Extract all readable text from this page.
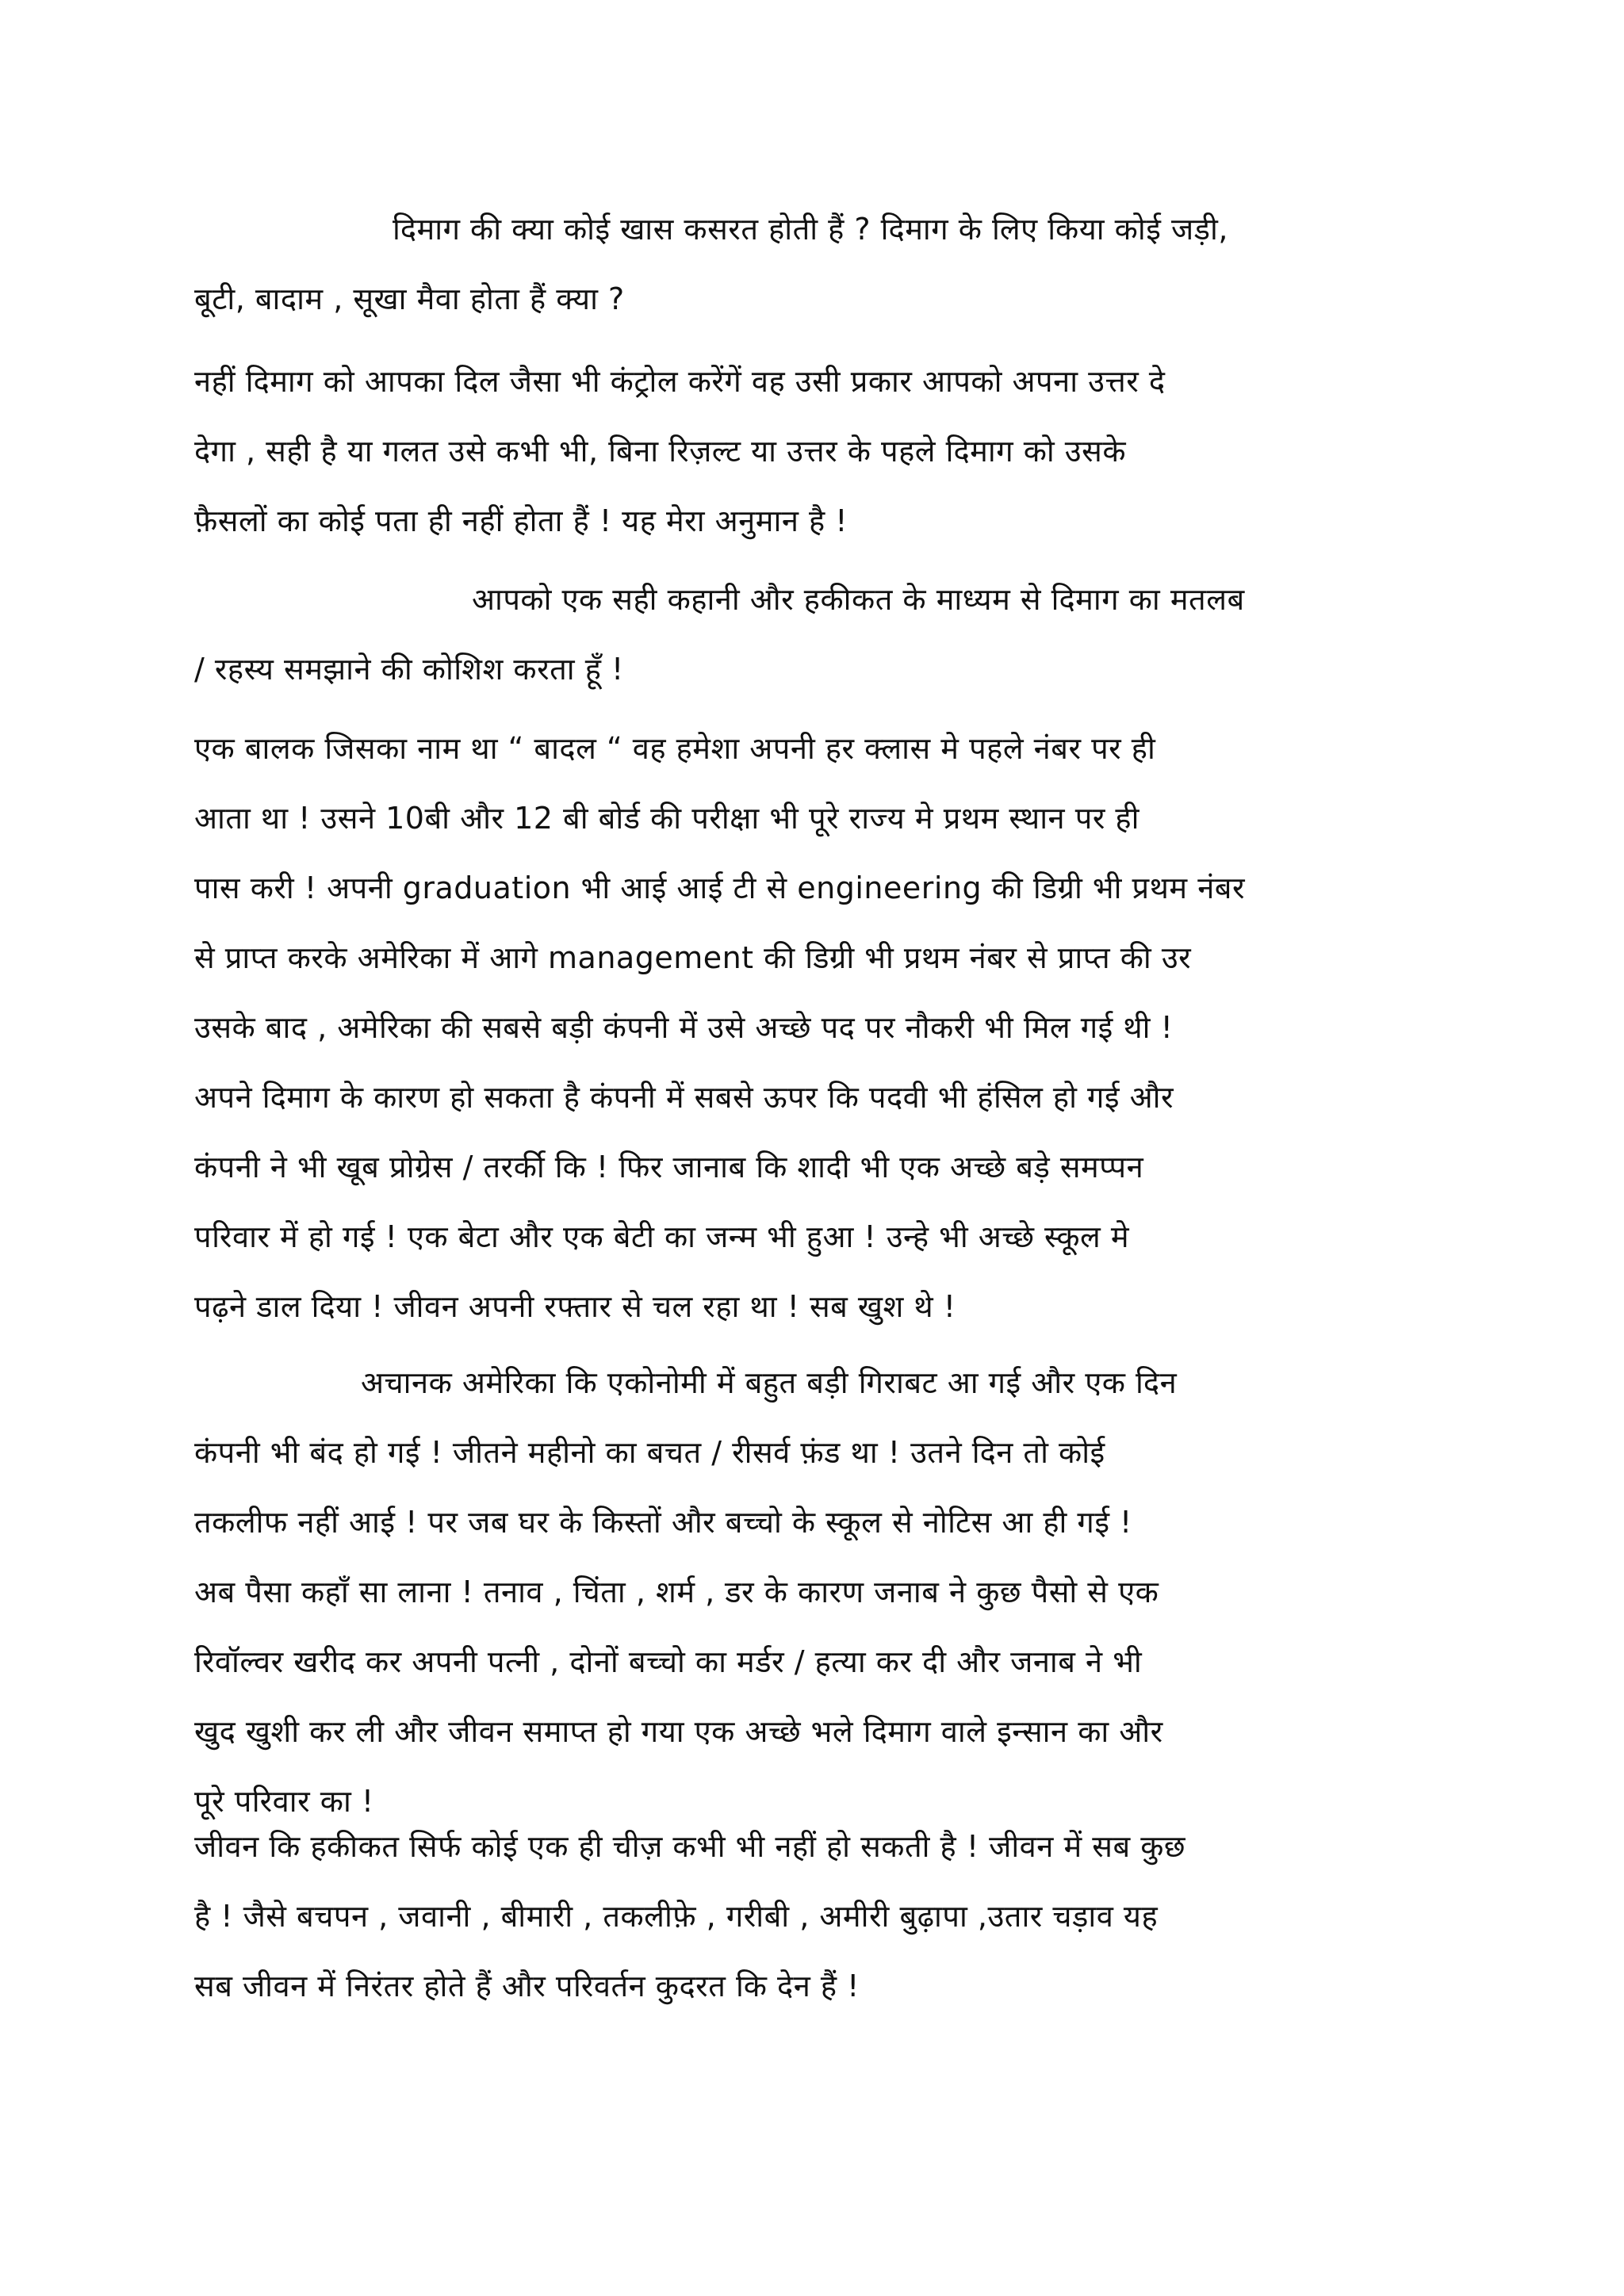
दिमाग की क्या कोई खास कसरत होती हैं ? दिमाग के लिए किया कोई जड़ी,
बूटी, बादाम , सूखा मैवा होता हैं क्या ?
नहीं दिमाग को आपका दिल जैसा भी कंट्रोल करेंगें वह उसी प्रकार आपको अपना उत्तर दे
देगा , सही है या गलत उसे कभी भी, बिना रिज़ल्ट या उत्तर के पहले दिमाग को उसके
फ़ैसलों का कोई पता ही नहीं होता हैं ! यह मेरा अनुमान है !
आपको एक सही कहानी और हकीकत के माध्यम से दिमाग का मतलब
/ रहस्य समझाने की कोशिश करता हूँ !
एक बालक जिसका नाम था “ बादल “ वह हमेशा अपनी हर क्लास मे पहले नंबर पर ही
आता था ! उसने 10बी और 12 बी बोर्ड की परीक्षा भी पूरे राज्य मे प्रथम स्थान पर ही
पास करी ! अपनी graduation भी आई आई टी से engineering की डिग्री भी प्रथम नंबर
से प्राप्त करके अमेरिका में आगे management की डिग्री भी प्रथम नंबर से प्राप्त की उर
उसके बाद , अमेरिका की सबसे बड़ी कंपनी में उसे अच्छे पद पर नौकरी भी मिल गई थी !
अपने दिमाग के कारण हो सकता है कंपनी में सबसे ऊपर कि पदवी भी हंसिल हो गई और
कंपनी ने भी खूब प्रोग्रेस / तरर्की कि ! फिर जानाब कि शादी भी एक अच्छे बड़े समप्पन
परिवार में हो गई ! एक बेटा और एक बेटी का जन्म भी हुआ ! उन्हे भी अच्छे स्कूल मे
पढ़ने डाल दिया ! जीवन अपनी रफ्तार से चल रहा था ! सब खुश थे !
अचानक अमेरिका कि एकोनोमी में बहुत बड़ी गिराबट आ गई और एक दिन
कंपनी भी बंद हो गई ! जीतने महीनो का बचत / रीसर्व फ़ंड था ! उतने दिन तो कोई
तकलीफ नहीं आई ! पर जब घर के किस्तों और बच्चो के स्कूल से नोटिस आ ही गई !
अब पैसा कहाँ सा लाना ! तनाव , चिंता , शर्म , डर के कारण जनाब ने कुछ पैसो से एक
रिवॉल्वर खरीद कर अपनी पत्नी , दोनों बच्चो का मर्डर / हत्या कर दी और जनाब ने भी
खुद खुशी कर ली और जीवन समाप्त हो गया एक अच्छे भले दिमाग वाले इन्सान का और
पूरे परिवार का !
जीवन कि हकीकत सिर्फ कोई एक ही चीज़ कभी भी नहीं हो सकती है ! जीवन में सब कुछ
है ! जैसे बचपन , जवानी , बीमारी , तकलीफ़े , गरीबी , अमीरी बुढ़ापा ,उतार चड़ाव यह
सब जीवन में निरंतर होते हैं और परिवर्तन कुदरत कि देन हैं !
